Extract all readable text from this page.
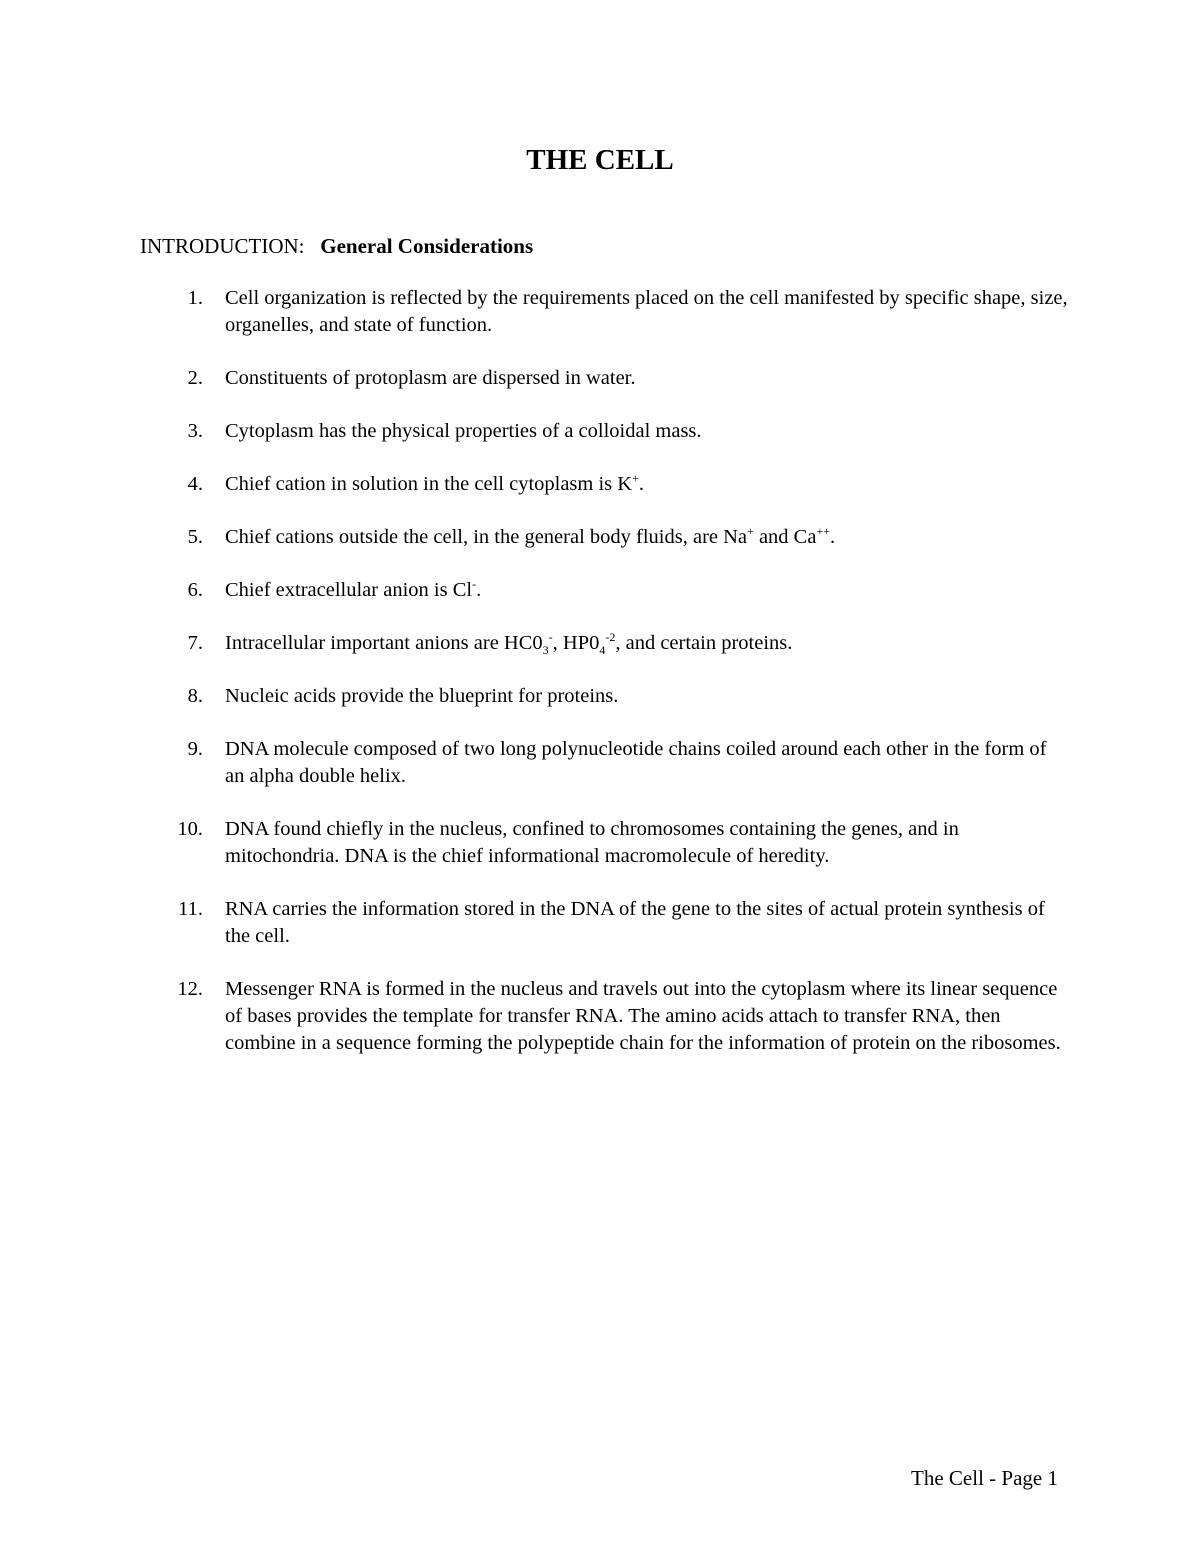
THE CELL
INTRODUCTION: General Considerations
1. Cell organization is reflected by the requirements placed on the cell manifested by specific shape, size, organelles, and state of function.
2. Constituents of protoplasm are dispersed in water.
3. Cytoplasm has the physical properties of a colloidal mass.
4. Chief cation in solution in the cell cytoplasm is K+.
5. Chief cations outside the cell, in the general body fluids, are Na+ and Ca++.
6. Chief extracellular anion is Cl-.
7. Intracellular important anions are $HC0_3^-$, $HP0_4^{-2}$, and certain proteins.
8. Nucleic acids provide the blueprint for proteins.
9. DNA molecule composed of two long polynucleotide chains coiled around each other in the form of an alpha double helix.
10. DNA found chiefly in the nucleus, confined to chromosomes containing the genes, and in mitochondria. DNA is the chief informational macromolecule of heredity.
11. RNA carries the information stored in the DNA of the gene to the sites of actual protein synthesis of the cell.
12. Messenger RNA is formed in the nucleus and travels out into the cytoplasm where its linear sequence of bases provides the template for transfer RNA. The amino acids attach to transfer RNA, then combine in a sequence forming the polypeptide chain for the information of protein on the ribosomes.
The Cell - Page 1
